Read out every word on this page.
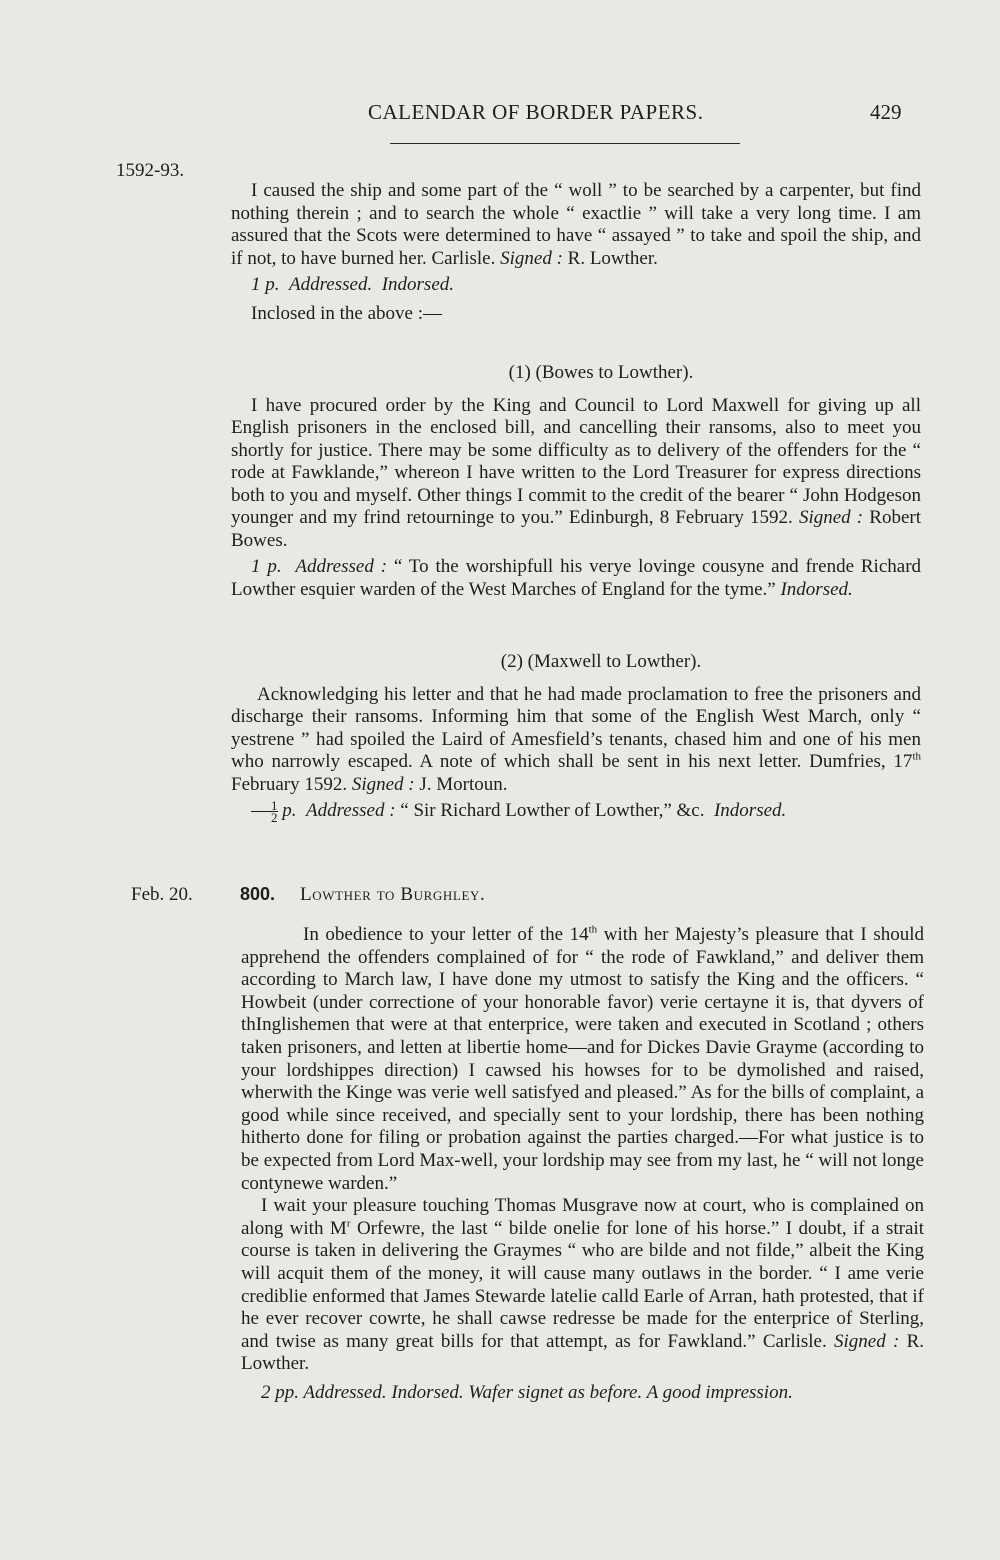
CALENDAR OF BORDER PAPERS.	429
1592-93.
Feb. 20.

I caused the ship and some part of the “ woll ” to be searched by a carpenter, but find nothing therein ; and to search the whole “ exactlie ” will take a very long time. I am assured that the Scots were determined to have “ assayed ” to take and spoil the ship, and if not, to have burned her. Carlisle. Signed : R. Lowther.

1 p. Addressed. Indorsed.

Inclosed in the above :—

(1) (Bowes to Lowther).

I have procured order by the King and Council to Lord Maxwell for giving up all English prisoners in the enclosed bill, and cancelling their ransoms, also to meet you shortly for justice. There may be some difficulty as to delivery of the offenders for the “ rode at Fawklande,” whereon I have written to the Lord Treasurer for express directions both to you and myself. Other things I commit to the credit of the bearer “ John Hodgeson younger and my frind retourninge to you.” Edinburgh, 8 February 1592. Signed : Robert Bowes.

1 p. Addressed : “ To the worshipfull his verye lovinge cousyne and frende Richard Lowther esquier warden of the West Marches of England for the tyme.” Indorsed.

(2) (Maxwell to Lowther).

Acknowledging his letter and that he had made proclamation to free the prisoners and discharge their ransoms. Informing him that some of the English West March, only “ yestrene ” had spoiled the Laird of Amesfield’s tenants, chased him and one of his men who narrowly escaped. A note of which shall be sent in his next letter. Dumfries, 17th February 1592. Signed : J. Mortoun.

$\frac{1}{2} p$. Addressed : “ Sir Richard Lowther of Lowther,” &c. Indorsed.

800. Lowther to Burghley.

In obedience to your letter of the 14th with her Majesty’s pleasure that I should apprehend the offenders complained of for “ the rode of Fawkland,” and deliver them according to March law, I have done my utmost to satisfy the King and the officers. “ Howbeit (under correctione of your honorable favor) verie certayne it is, that dyvers of thInglishemen that were at that enterprice, were taken and executed in Scotland ; others taken prisoners, and letten at libertie home—and for Dickes Davie Grayme (according to your lordshippes direction) I cawsed his howses for to be dymolished and raised, wherwith the Kinge was verie well satisfyed and pleased.” As for the bills of complaint, a good while since received, and specially sent to your lordship, there has been nothing hitherto done for filing or probation against the parties charged.—For what justice is to be expected from Lord Max-well, your lordship may see from my last, he “ will not longe contynewe warden.”

I wait your pleasure touching Thomas Musgrave now at court, who is complained on along with $M^r$ Orfewre, the last “ bilde onelie for lone of his horse.” I doubt, if a strait course is taken in delivering the Graymes “ who are bilde and not filde,” albeit the King will acquit them of the money, it will cause many outlaws in the border. “ I ame verie crediblie enformed that James Stewarde latelie calld Earle of Arran, hath protested, that if he ever recover cowrte, he shall cawse redresse be made for the enterprice of Sterling, and twise as many great bills for that attempt, as for Fawkland.” Carlisle. Signed : R. Lowther.

2 pp. Addressed. Indorsed. Wafer signet as before. A good impression.
